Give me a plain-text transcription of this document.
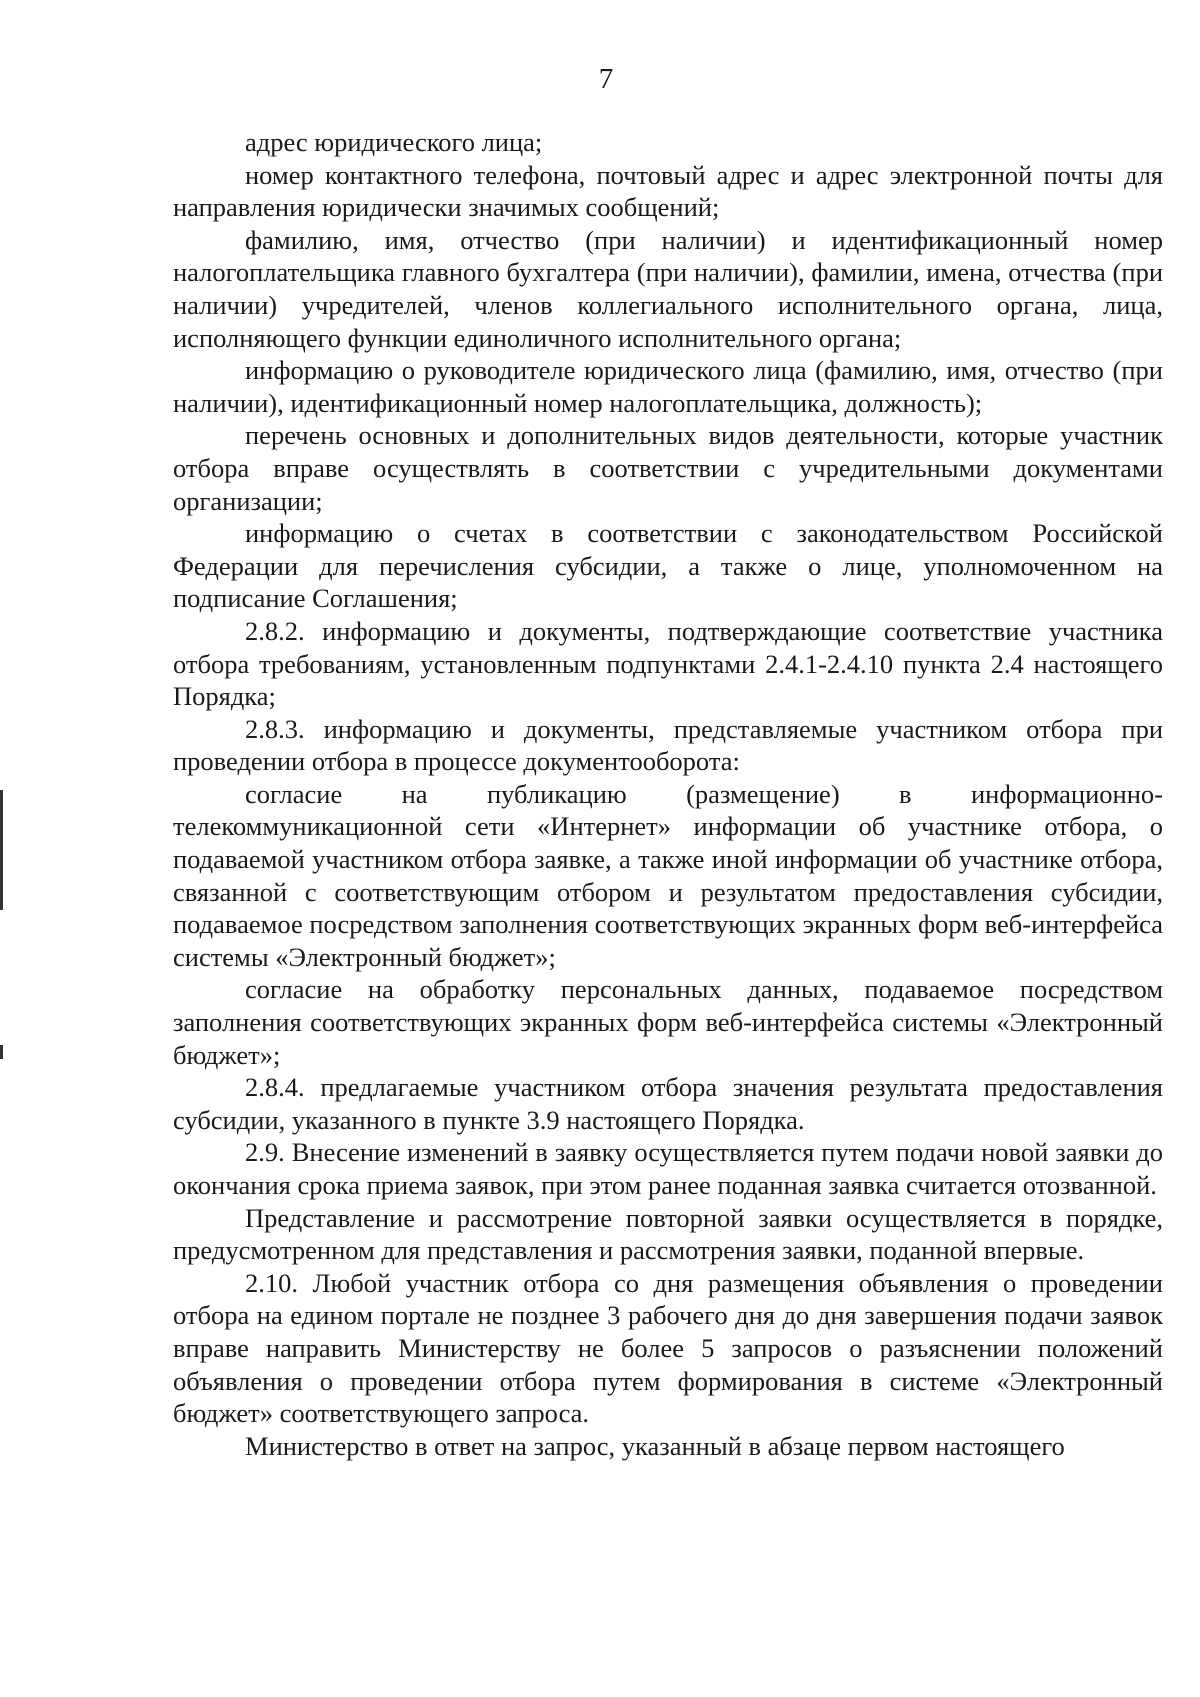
7

адрес юридического лица;

номер контактного телефона, почтовый адрес и адрес электронной почты для направления юридически значимых сообщений;

фамилию, имя, отчество (при наличии) и идентификационный номер налогоплательщика главного бухгалтера (при наличии), фамилии, имена, отчества (при наличии) учредителей, членов коллегиального исполнительного органа, лица, исполняющего функции единоличного исполнительного органа;

информацию о руководителе юридического лица (фамилию, имя, отчество (при наличии), идентификационный номер налогоплательщика, должность);

перечень основных и дополнительных видов деятельности, которые участник отбора вправе осуществлять в соответствии с учредительными документами организации;

информацию о счетах в соответствии с законодательством Российской Федерации для перечисления субсидии, а также о лице, уполномоченном на подписание Соглашения;

2.8.2. информацию и документы, подтверждающие соответствие участника отбора требованиям, установленным подпунктами 2.4.1-2.4.10 пункта 2.4 настоящего Порядка;

2.8.3. информацию и документы, представляемые участником отбора при проведении отбора в процессе документооборота:

согласие на публикацию (размещение) в информационно-телекоммуникационной сети «Интернет» информации об участнике отбора, о подаваемой участником отбора заявке, а также иной информации об участнике отбора, связанной с соответствующим отбором и результатом предоставления субсидии, подаваемое посредством заполнения соответствующих экранных форм веб-интерфейса системы «Электронный бюджет»;

согласие на обработку персональных данных, подаваемое посредством заполнения соответствующих экранных форм веб-интерфейса системы «Электронный бюджет»;

2.8.4. предлагаемые участником отбора значения результата предоставления субсидии, указанного в пункте 3.9 настоящего Порядка.

2.9. Внесение изменений в заявку осуществляется путем подачи новой заявки до окончания срока приема заявок, при этом ранее поданная заявка считается отозванной.

Представление и рассмотрение повторной заявки осуществляется в порядке, предусмотренном для представления и рассмотрения заявки, поданной впервые.

2.10. Любой участник отбора со дня размещения объявления о проведении отбора на едином портале не позднее 3 рабочего дня до дня завершения подачи заявок вправе направить Министерству не более 5 запросов о разъяснении положений объявления о проведении отбора путем формирования в системе «Электронный бюджет» соответствующего запроса.

Министерство в ответ на запрос, указанный в абзаце первом настоящего
